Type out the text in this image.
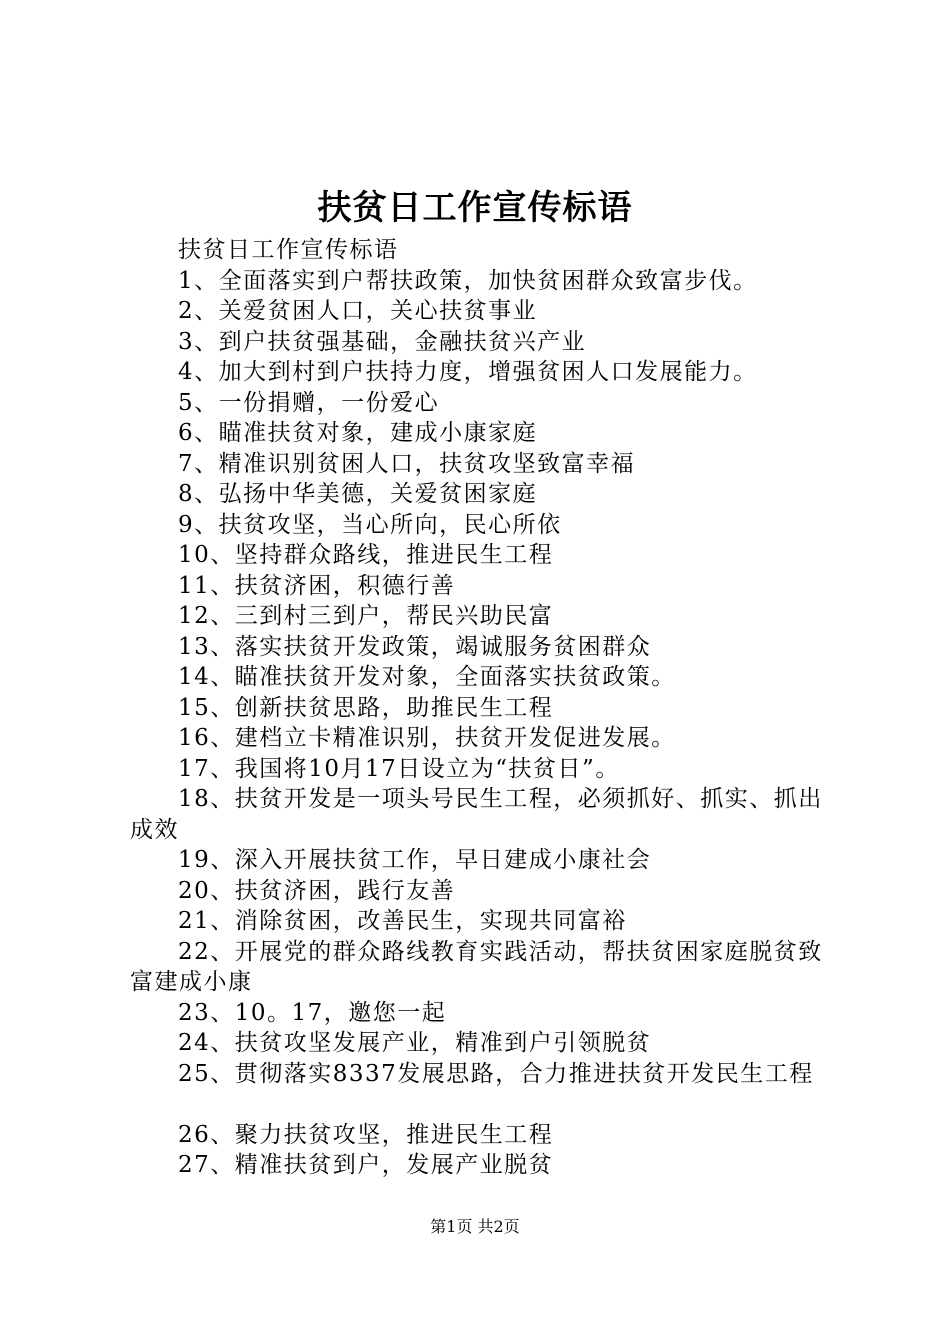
扶贫日工作宣传标语

扶贫日工作宣传标语

1、全面落实到户帮扶政策，加快贫困群众致富步伐。

2、关爱贫困人口，关心扶贫事业

3、到户扶贫强基础，金融扶贫兴产业

4、加大到村到户扶持力度，增强贫困人口发展能力。

5、一份捐赠，一份爱心

6、瞄准扶贫对象，建成小康家庭

7、精准识别贫困人口，扶贫攻坚致富幸福

8、弘扬中华美德，关爱贫困家庭

9、扶贫攻坚，当心所向，民心所依

10、坚持群众路线，推进民生工程

11、扶贫济困，积德行善

12、三到村三到户，帮民兴助民富

13、落实扶贫开发政策，竭诚服务贫困群众

14、瞄准扶贫开发对象，全面落实扶贫政策。

15、创新扶贫思路，助推民生工程

16、建档立卡精准识别，扶贫开发促进发展。

17、我国将10月17日设立为“扶贫日”。

18、扶贫开发是一项头号民生工程，必须抓好、抓实、抓出成效

19、深入开展扶贫工作，早日建成小康社会

20、扶贫济困，践行友善

21、消除贫困，改善民生，实现共同富裕

22、开展党的群众路线教育实践活动，帮扶贫困家庭脱贫致富建成小康

23、10。17，邀您一起

24、扶贫攻坚发展产业，精准到户引领脱贫

25、贯彻落实8337发展思路，合力推进扶贫开发民生工程

26、聚力扶贫攻坚，推进民生工程

27、精准扶贫到户，发展产业脱贫

第1页 共2页
